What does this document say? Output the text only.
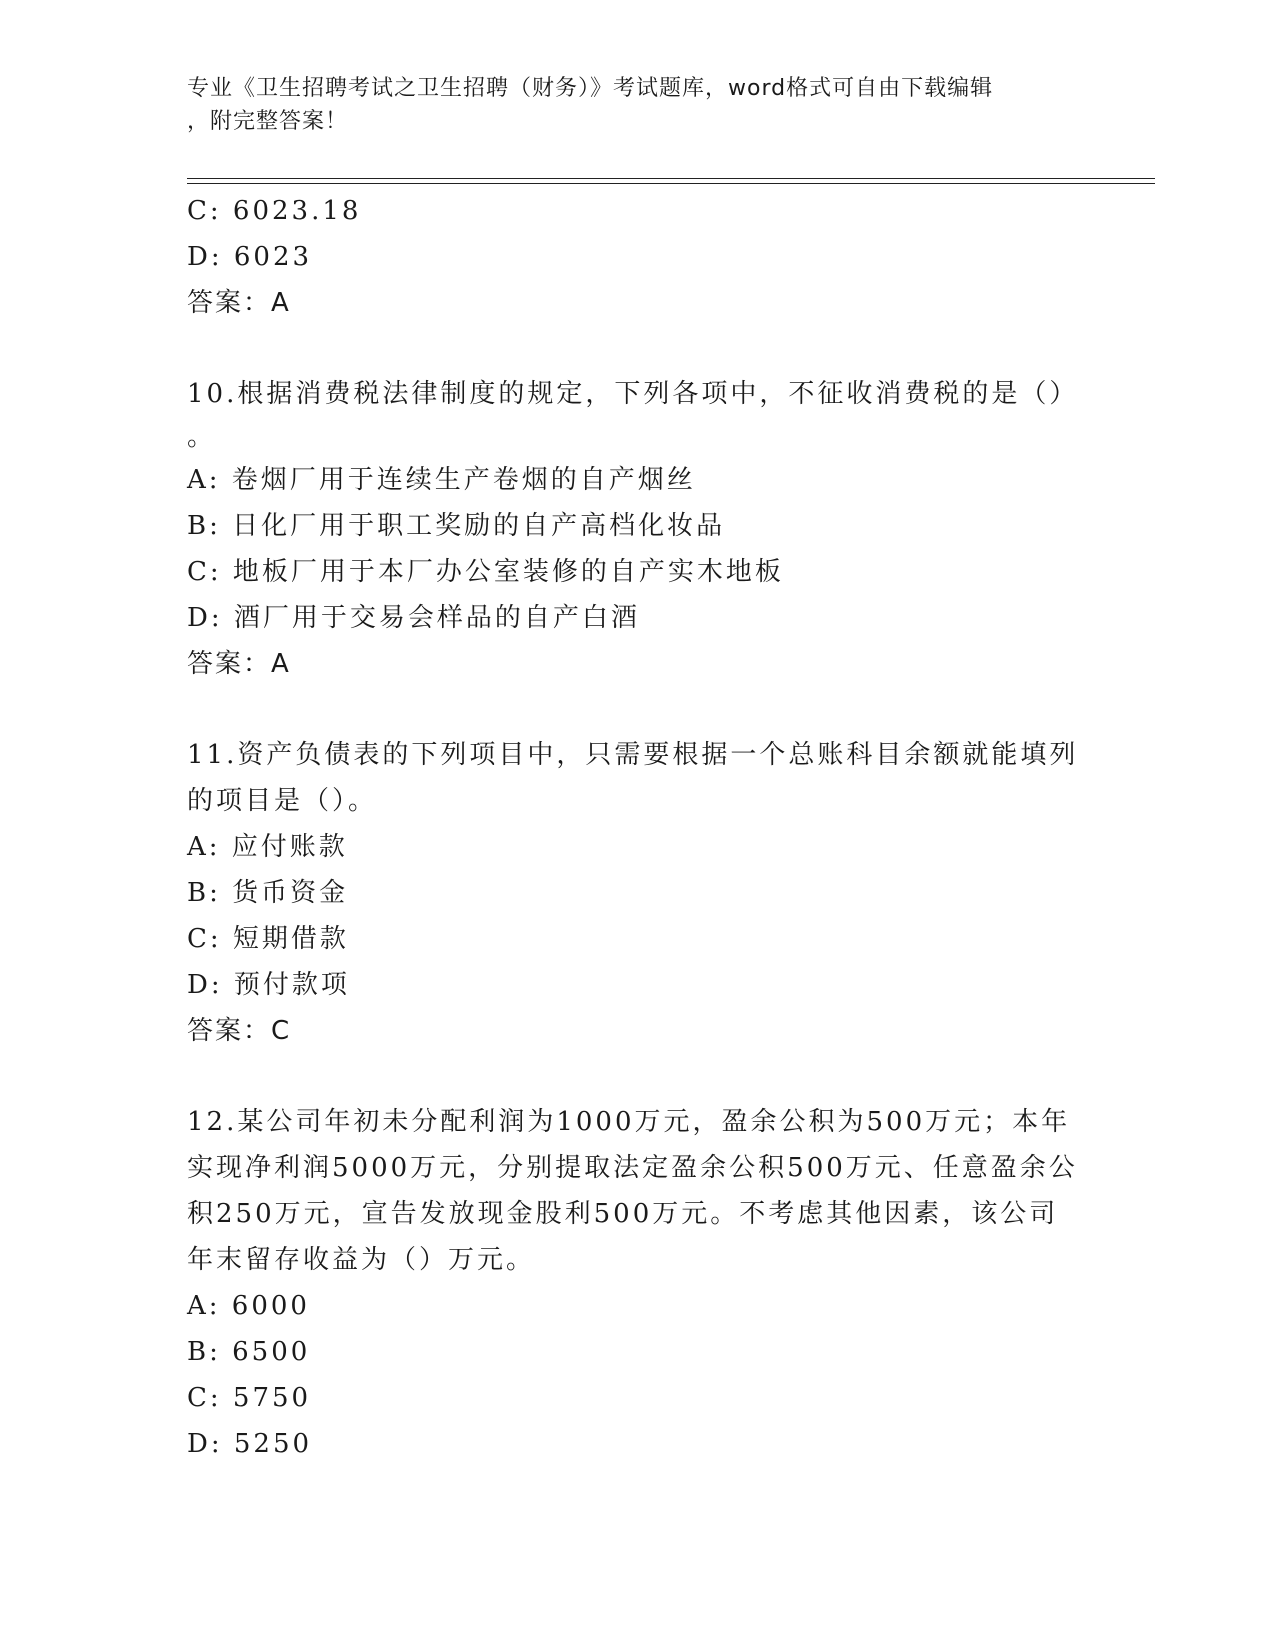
专业《卫生招聘考试之卫生招聘（财务）》考试题库，word格式可自由下载编辑
，附完整答案！
C: 6023.18
D: 6023
答案：A
10.根据消费税法律制度的规定，下列各项中，不征收消费税的是（）
。
A: 卷烟厂用于连续生产卷烟的自产烟丝
B: 日化厂用于职工奖励的自产高档化妆品
C: 地板厂用于本厂办公室装修的自产实木地板
D: 酒厂用于交易会样品的自产白酒
答案：A
11.资产负债表的下列项目中，只需要根据一个总账科目余额就能填列
的项目是（）。
A: 应付账款
B: 货币资金
C: 短期借款
D: 预付款项
答案：C
12.某公司年初未分配利润为1000万元，盈余公积为500万元；本年
实现净利润5000万元，分别提取法定盈余公积500万元、任意盈余公
积250万元，宣告发放现金股利500万元。不考虑其他因素，该公司
年末留存收益为（）万元。
A: 6000
B: 6500
C: 5750
D: 5250
